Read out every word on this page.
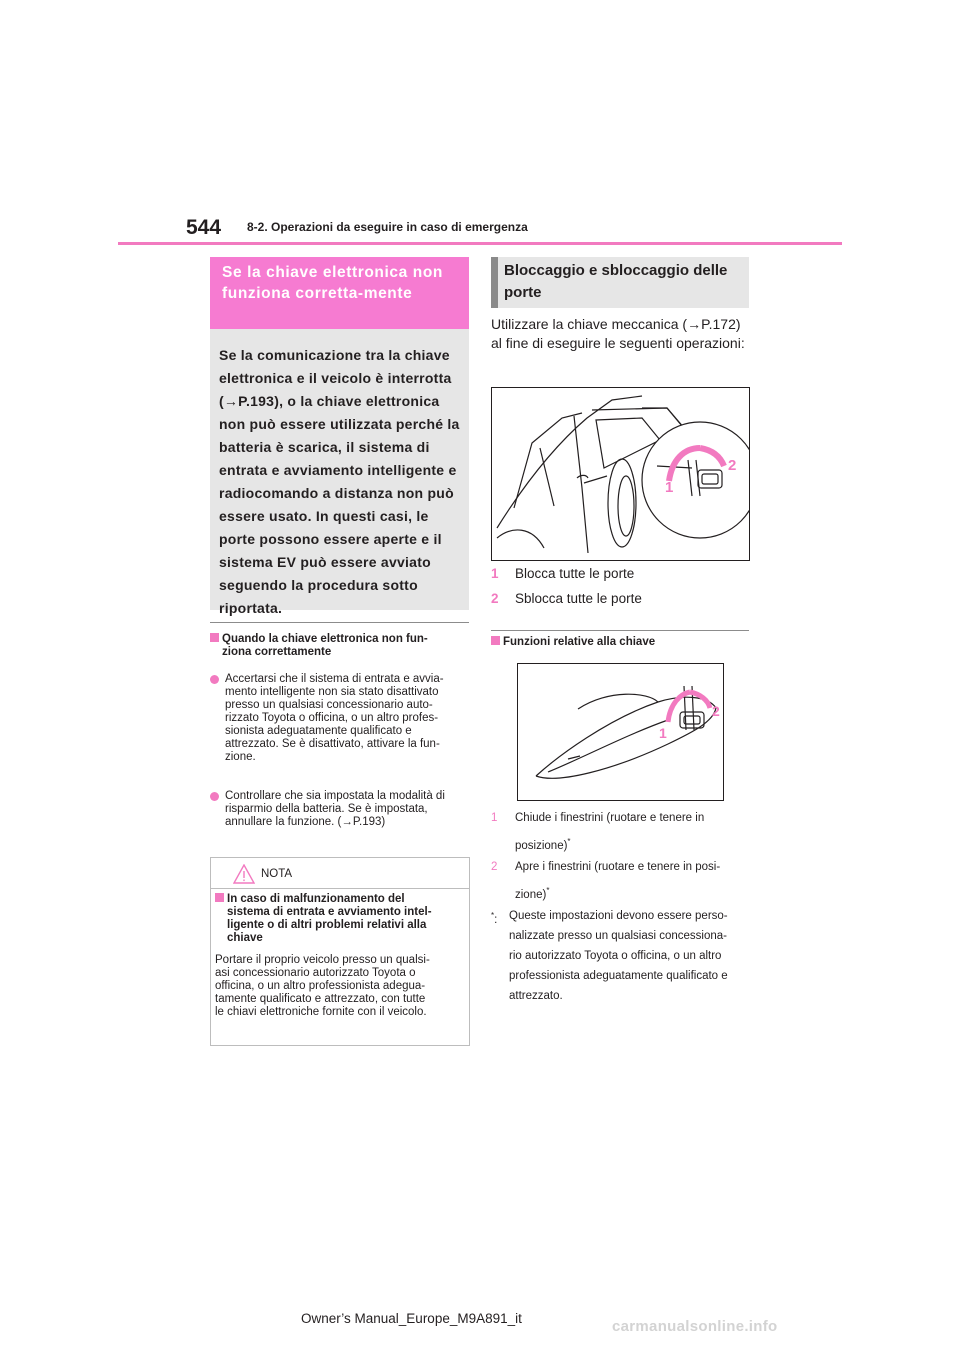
544 8-2. Operazioni da eseguire in caso di emergenza
Se la chiave elettronica non funziona corretta-mente

Se la comunicazione tra la chiave elettronica e il veicolo è interrotta (→P.193), o la chiave elettronica non può essere utilizzata perché la batteria è scarica, il sistema di entrata e avviamento intelligente e radiocomando a distanza non può essere usato. In questi casi, le porte possono essere aperte e il sistema EV può essere avviato seguendo la procedura sotto riportata.

Quando la chiave elettronica non fun-
ziona correttamente
Accertarsi che il sistema di entrata e avvia-
mento intelligente non sia stato disattivato
presso un qualsiasi concessionario auto-
rizzato Toyota o officina, o un altro profes-
sionista adeguatamente qualificato e
attrezzato. Se è disattivato, attivare la fun-
zione.
Controllare che sia impostata la modalità di
risparmio della batteria. Se è impostata,
annullare la funzione. (→P.193)
NOTA
In caso di malfunzionamento del
sistema di entrata e avviamento intel-
ligente o di altri problemi relativi alla
chiave
Portare il proprio veicolo presso un qualsi-
asi concessionario autorizzato Toyota o
officina, o un altro professionista adegua-
tamente qualificato e attrezzato, con tutte
le chiavi elettroniche fornite con il veicolo.
Bloccaggio e sbloccaggio delle porte
Utilizzare la chiave meccanica (→P.172) al fine di eseguire le seguenti operazioni:
1
2
1 Blocca tutte le porte
2 Sblocca tutte le porte
Funzioni relative alla chiave
1
2
1 Chiude i finestrini (ruotare e tenere in
posizione)*
2 Apre i finestrini (ruotare e tenere in posi-
zione)*
*: Queste impostazioni devono essere perso-
nalizzate presso un qualsiasi concessiona-
rio autorizzato Toyota o officina, o un altro
professionista adeguatamente qualificato e
attrezzato.
Owner’s Manual_Europe_M9A891_it	carmanualsonline.info
